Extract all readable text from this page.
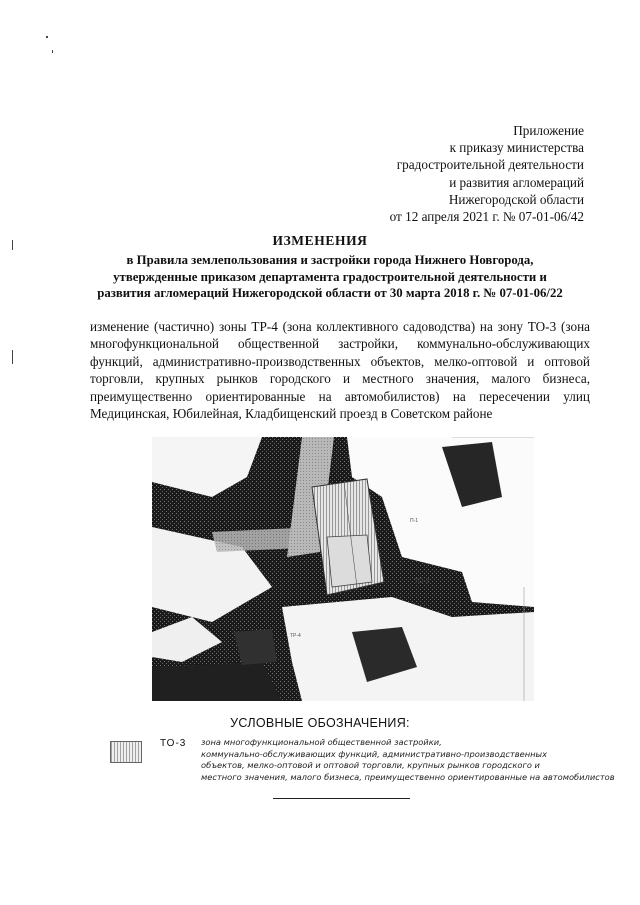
Приложение
к приказу министерства
градостроительной деятельности
и развития агломераций
Нижегородской области
от 12 апреля 2021 г. № 07-01-06/42
ИЗМЕНЕНИЯ
в Правила землепользования и застройки города Нижнего Новгорода,
утвержденные приказом департамента градостроительной деятельности и
развития агломераций Нижегородской области от 30 марта 2018 г. № 07-01-06/22
изменение (частично) зоны ТР-4 (зона коллективного садоводства) на зону ТО-3 (зона
многофункциональной общественной застройки, коммунально-обслуживающих
функций, административно-производственных объектов, мелко-оптовой и оптовой
торговли, крупных рынков городского и местного значения, малого бизнеса,
преимущественно ориентированные на автомобилистов) на пересечении улиц
Медицинская, Юбилейная, Кладбищенский проезд в Советском районе
ТО-3
П-1
ТР-4
УСЛОВНЫЕ ОБОЗНАЧЕНИЯ:
ТО-3 зона многофункциональной общественной застройки,
коммунально-обслуживающих функций, административно-производственных
объектов, мелко-оптовой и оптовой торговли, крупных рынков городского и
местного значения, малого бизнеса, преимущественно ориентированные на автомобилистов
